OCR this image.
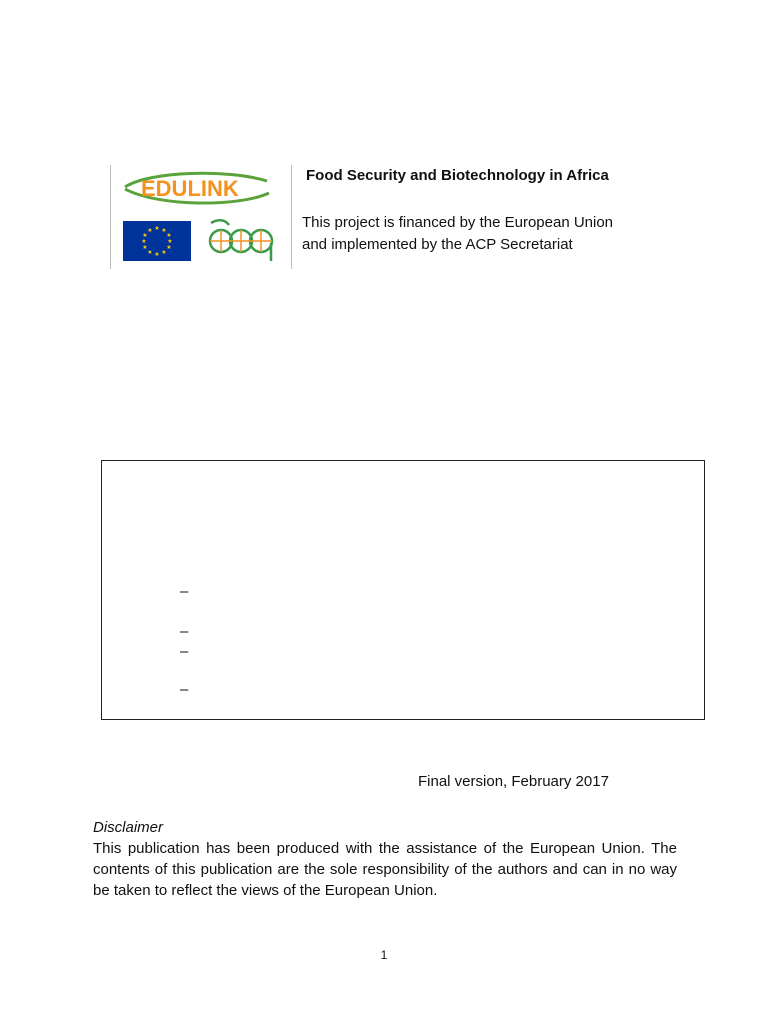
EDULINK
★ ★
★
★
★
★
★
★
★
★
★
★

Food Security and Biotechnology in Africa

This project is financed by the European Union

and implemented by the ACP Secretariat

–

–

–

–

Final version, February 2017

Disclaimer

This publication has been produced with the assistance of the European Union. The contents of this publication are the sole responsibility of the authors and can in no way be taken to reflect the views of the European Union.

1
